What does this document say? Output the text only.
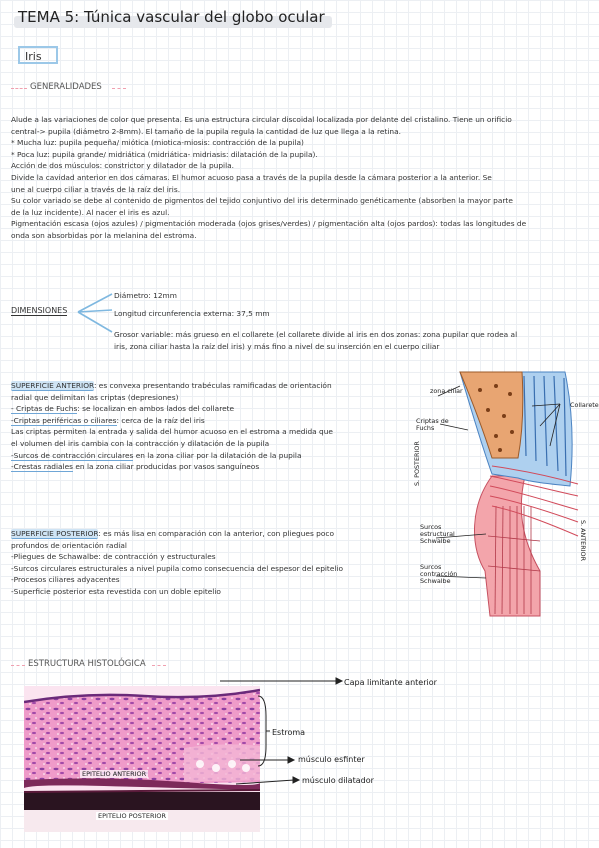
TEMA 5: Túnica vascular del globo ocular
Iris
GENERALIDADES

Alude a las variaciones de color que presenta. Es una estructura circular discoidal localizada por delante del cristalino. Tiene un orificio

central-> pupila (diámetro 2-8mm). El tamaño de la pupila regula la cantidad de luz que llega a la retina.

* Mucha luz: pupila pequeña/ miótica (miotica-miosis: contracción de la pupila)

* Poca luz: pupila grande/ midriática (midriática- midriasis: dilatación de la pupila).

Acción de dos músculos: constrictor y dilatador de la pupila.

Divide la cavidad anterior en dos cámaras. El humor acuoso pasa a través de la pupila desde la cámara posterior a la anterior. Se

une al cuerpo ciliar a través de la raíz del iris.

Su color variado se debe al contenido de pigmentos del tejido conjuntivo del iris determinado genéticamente (absorben la mayor parte

de la luz incidente). Al nacer el iris es azul.

Pigmentación escasa (ojos azules) / pigmentación moderada (ojos grises/verdes) / pigmentación alta (ojos pardos): todas las longitudes de

onda son absorbidas por la melanina del estroma.

DIMENSIONES
Diámetro: 12mm
Longitud circunferencia externa: 37,5 mm
Grosor variable: más grueso en el collarete (el collarete divide al iris en dos zonas: zona pupilar que rodea al
iris, zona ciliar hasta la raíz del iris) y más fino a nivel de su inserción en el cuerpo ciliar

SUPERFICIE ANTERIOR: es convexa presentando trabéculas ramificadas de orientación

radial que delimitan las criptas (depresiones)

- Criptas de Fuchs: se localizan en ambos lados del collarete

-Criptas periféricas o ciliares: cerca de la raíz del iris

Las criptas permiten la entrada y salida del humor acuoso en el estroma a medida que

el volumen del iris cambia con la contracción y dilatación de la pupila

-Surcos de contracción circulares en la zona ciliar por la dilatación de la pupila

-Crestas radiales en la zona ciliar producidas por vasos sanguíneos

SUPERFICIE POSTERIOR: es más lisa en comparación con la anterior, con pliegues poco

profundos de orientación radial

-Pliegues de Schawalbe: de contracción y estructurales

-Surcos circulares estructurales a nivel pupila como consecuencia del espesor del epitelio

-Procesos ciliares adyacentes

-Superficie posterior esta revestida con un doble epitelio

zona ciliar
Collarete
Criptas de Fuchs
S. POSTERIOR
S. ANTERIOR
Surcos estructural Schwalbe
Surcos contracción Schwalbe
ESTRUCTURA HISTOLÓGICA
EPITELIO ANTERIOR
EPITELIO POSTERIOR
Capa limitante anterior
Estroma
músculo esfinter
músculo dilatador
